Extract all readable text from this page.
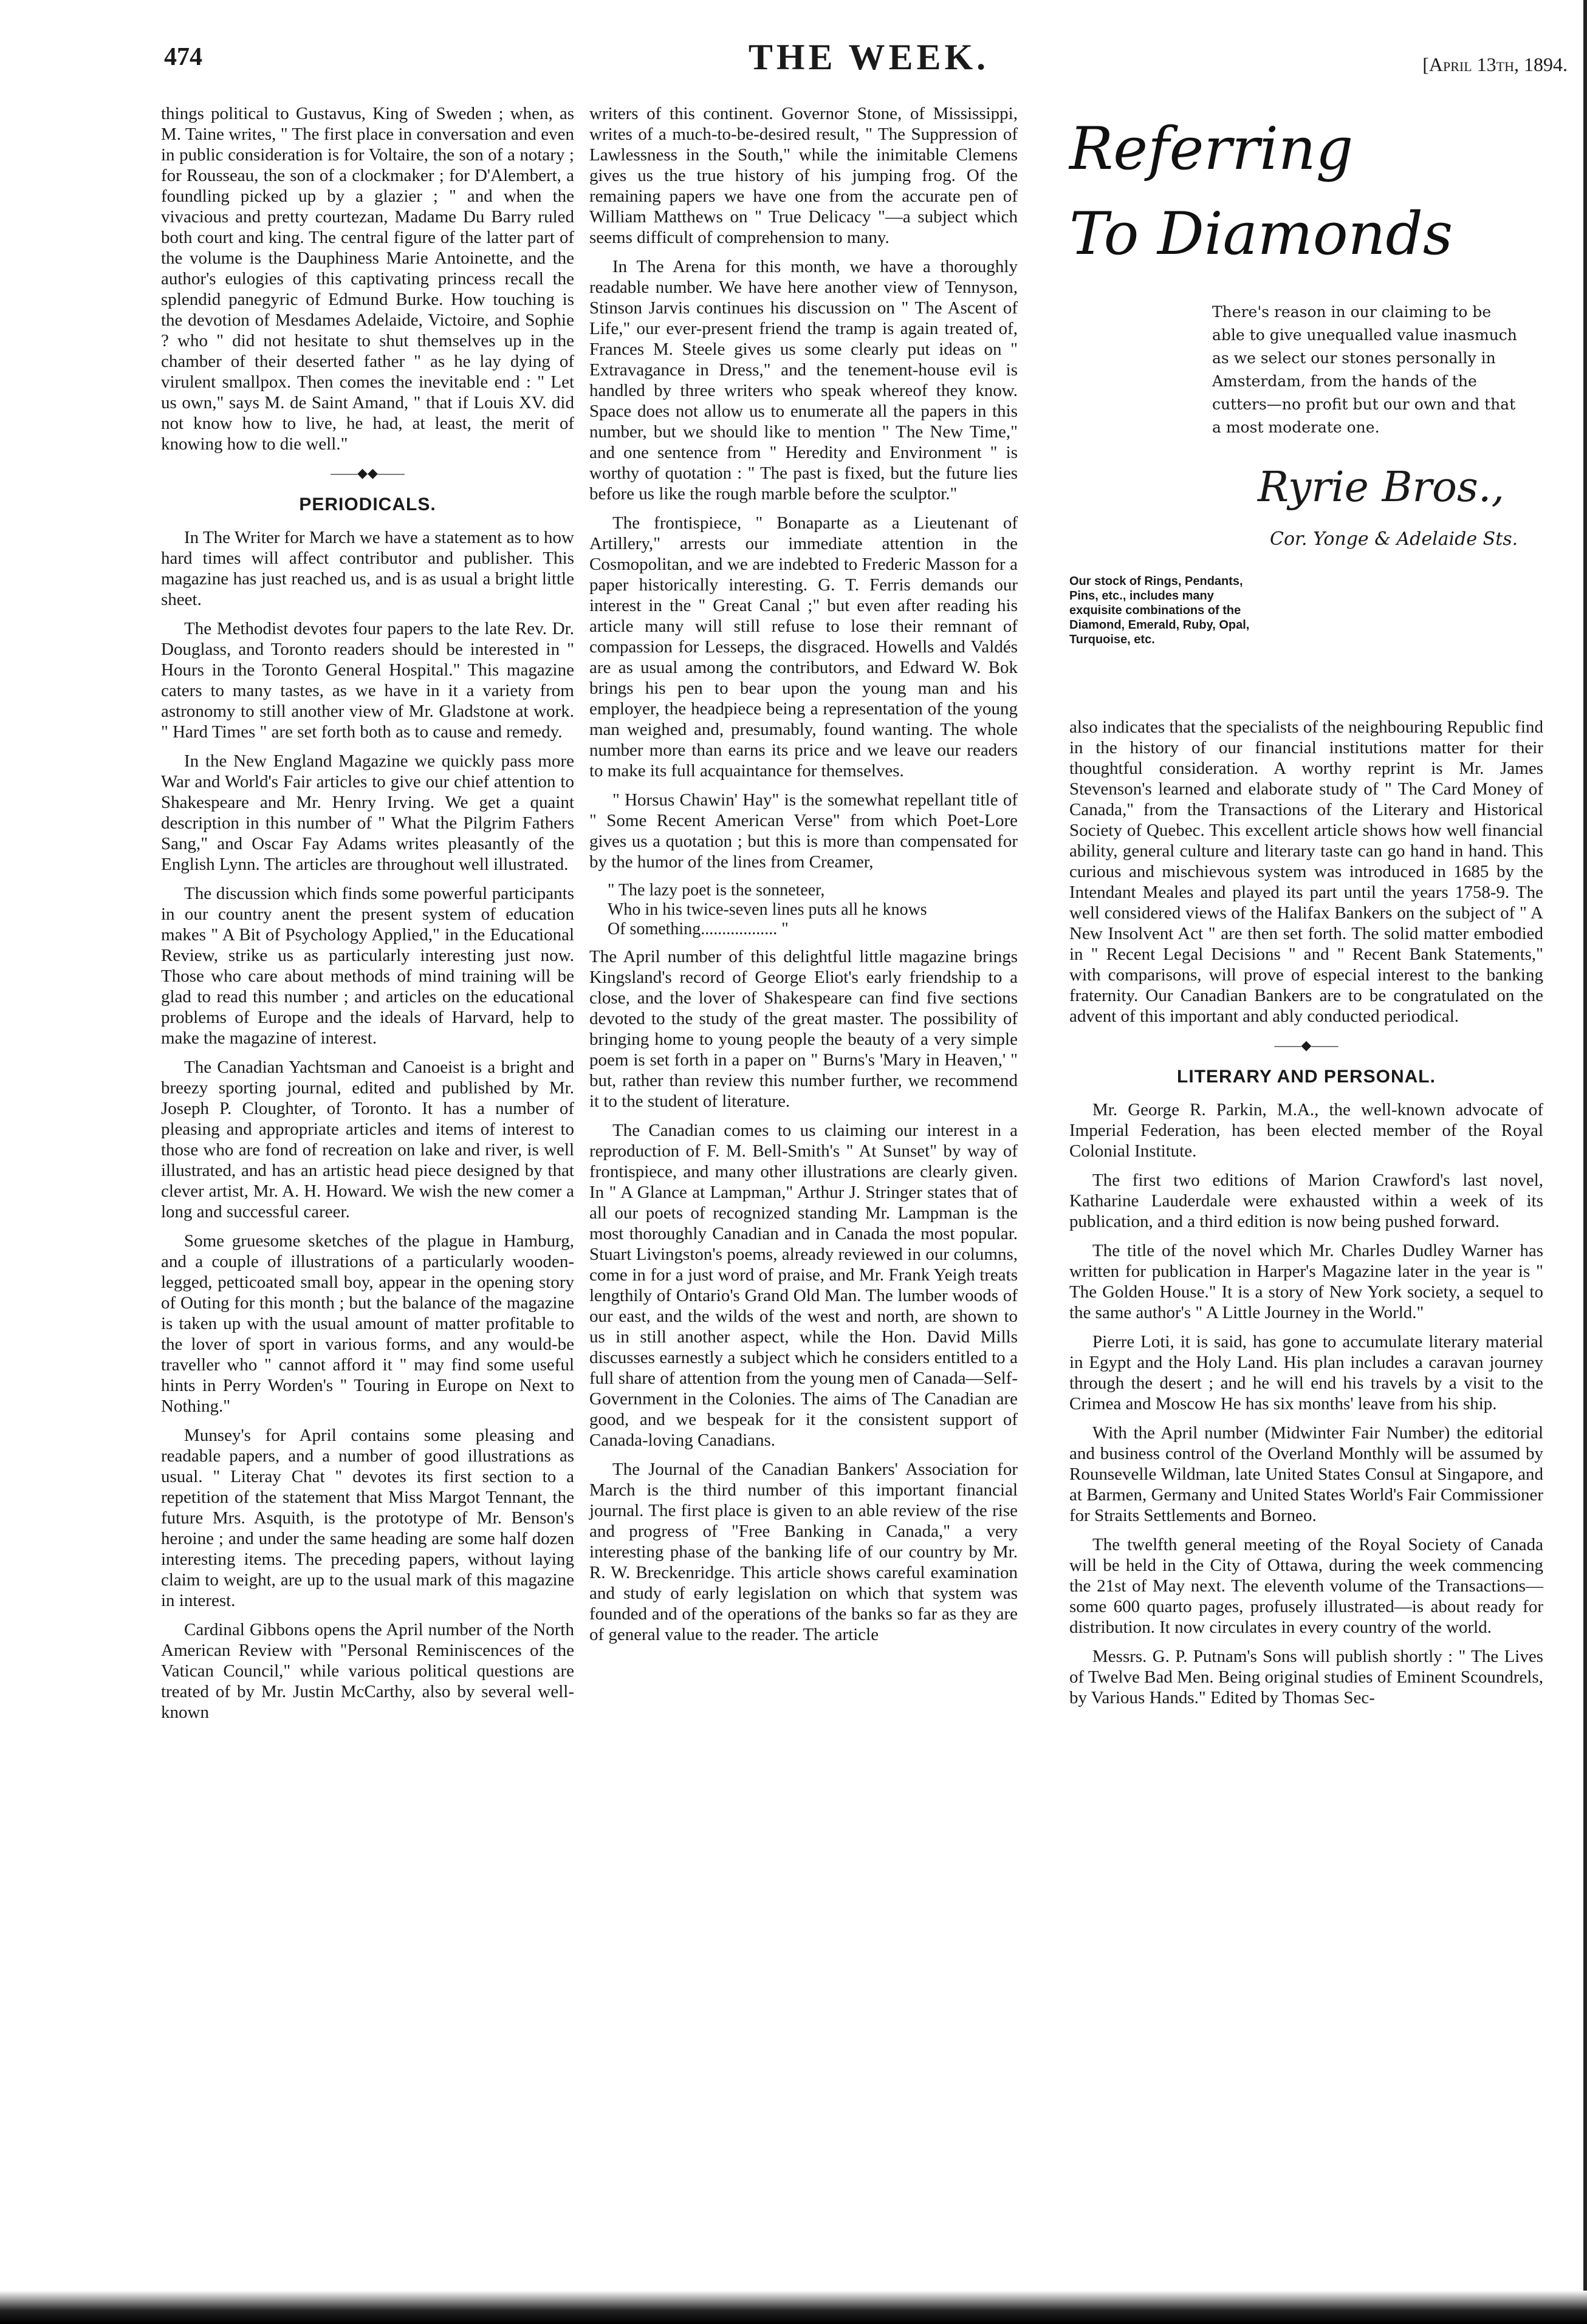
474	THE WEEK.	[April 13th, 1894.

things political to Gustavus, King of Sweden ; when, as M. Taine writes, " The first place in conversation and even in public consideration is for Voltaire, the son of a notary ; for Rousseau, the son of a clockmaker ; for D'Alembert, a foundling picked up by a glazier ; " and when the vivacious and pretty courtezan, Madame Du Barry ruled both court and king. The central figure of the latter part of the volume is the Dauphiness Marie Antoinette, and the author's eulogies of this captivating princess recall the splendid panegyric of Edmund Burke. How touching is the devotion of Mesdames Adelaide, Victoire, and Sophie ? who " did not hesitate to shut themselves up in the chamber of their deserted father " as he lay dying of virulent smallpox. Then comes the inevitable end : " Let us own," says M. de Saint Amand, " that if Louis XV. did not know how to live, he had, at least, the merit of knowing how to die well."

——◆◆——
PERIODICALS.

In The Writer for March we have a statement as to how hard times will affect contributor and publisher. This magazine has just reached us, and is as usual a bright little sheet.

The Methodist devotes four papers to the late Rev. Dr. Douglass, and Toronto readers should be interested in " Hours in the Toronto General Hospital." This magazine caters to many tastes, as we have in it a variety from astronomy to still another view of Mr. Gladstone at work. " Hard Times " are set forth both as to cause and remedy.

In the New England Magazine we quickly pass more War and World's Fair articles to give our chief attention to Shakespeare and Mr. Henry Irving. We get a quaint description in this number of " What the Pilgrim Fathers Sang," and Oscar Fay Adams writes pleasantly of the English Lynn. The articles are throughout well illustrated.

The discussion which finds some powerful participants in our country anent the present system of education makes " A Bit of Psychology Applied," in the Educational Review, strike us as particularly interesting just now. Those who care about methods of mind training will be glad to read this number ; and articles on the educational problems of Europe and the ideals of Harvard, help to make the magazine of interest.

The Canadian Yachtsman and Canoeist is a bright and breezy sporting journal, edited and published by Mr. Joseph P. Cloughter, of Toronto. It has a number of pleasing and appropriate articles and items of interest to those who are fond of recreation on lake and river, is well illustrated, and has an artistic head piece designed by that clever artist, Mr. A. H. Howard. We wish the new comer a long and successful career.

Some gruesome sketches of the plague in Hamburg, and a couple of illustrations of a particularly wooden-legged, petticoated small boy, appear in the opening story of Outing for this month ; but the balance of the magazine is taken up with the usual amount of matter profitable to the lover of sport in various forms, and any would-be traveller who " cannot afford it " may find some useful hints in Perry Worden's " Touring in Europe on Next to Nothing."

Munsey's for April contains some pleasing and readable papers, and a number of good illustrations as usual. " Literay Chat " devotes its first section to a repetition of the statement that Miss Margot Tennant, the future Mrs. Asquith, is the prototype of Mr. Benson's heroine ; and under the same heading are some half dozen interesting items. The preceding papers, without laying claim to weight, are up to the usual mark of this magazine in interest.

Cardinal Gibbons opens the April number of the North American Review with "Personal Reminiscences of the Vatican Council," while various political questions are treated of by Mr. Justin McCarthy, also by several well-known

writers of this continent. Governor Stone, of Mississippi, writes of a much-to-be-desired result, " The Suppression of Lawlessness in the South," while the inimitable Clemens gives us the true history of his jumping frog. Of the remaining papers we have one from the accurate pen of William Matthews on " True Delicacy "—a subject which seems difficult of comprehension to many.

In The Arena for this month, we have a thoroughly readable number. We have here another view of Tennyson, Stinson Jarvis continues his discussion on " The Ascent of Life," our ever-present friend the tramp is again treated of, Frances M. Steele gives us some clearly put ideas on " Extravagance in Dress," and the tenement-house evil is handled by three writers who speak whereof they know. Space does not allow us to enumerate all the papers in this number, but we should like to mention " The New Time," and one sentence from " Heredity and Environment " is worthy of quotation : " The past is fixed, but the future lies before us like the rough marble before the sculptor."

The frontispiece, " Bonaparte as a Lieutenant of Artillery," arrests our immediate attention in the Cosmopolitan, and we are indebted to Frederic Masson for a paper historically interesting. G. T. Ferris demands our interest in the " Great Canal ;" but even after reading his article many will still refuse to lose their remnant of compassion for Lesseps, the disgraced. Howells and Valdés are as usual among the contributors, and Edward W. Bok brings his pen to bear upon the young man and his employer, the headpiece being a representation of the young man weighed and, presumably, found wanting. The whole number more than earns its price and we leave our readers to make its full acquaintance for themselves.

" Horsus Chawin' Hay" is the somewhat repellant title of " Some Recent American Verse" from which Poet-Lore gives us a quotation ; but this is more than compensated for by the humor of the lines from Creamer,

" The lazy poet is the sonneteer,
Who in his twice-seven lines puts all he knows
Of something.................. "

The April number of this delightful little magazine brings Kingsland's record of George Eliot's early friendship to a close, and the lover of Shakespeare can find five sections devoted to the study of the great master. The possibility of bringing home to young people the beauty of a very simple poem is set forth in a paper on " Burns's 'Mary in Heaven,' " but, rather than review this number further, we recommend it to the student of literature.

The Canadian comes to us claiming our interest in a reproduction of F. M. Bell-Smith's " At Sunset" by way of frontispiece, and many other illustrations are clearly given. In " A Glance at Lampman," Arthur J. Stringer states that of all our poets of recognized standing Mr. Lampman is the most thoroughly Canadian and in Canada the most popular. Stuart Livingston's poems, already reviewed in our columns, come in for a just word of praise, and Mr. Frank Yeigh treats lengthily of Ontario's Grand Old Man. The lumber woods of our east, and the wilds of the west and north, are shown to us in still another aspect, while the Hon. David Mills discusses earnestly a subject which he considers entitled to a full share of attention from the young men of Canada—Self-Government in the Colonies. The aims of The Canadian are good, and we bespeak for it the consistent support of Canada-loving Canadians.

The Journal of the Canadian Bankers' Association for March is the third number of this important financial journal. The first place is given to an able review of the rise and progress of "Free Banking in Canada," a very interesting phase of the banking life of our country by Mr. R. W. Breckenridge. This article shows careful examination and study of early legislation on which that system was founded and of the operations of the banks so far as they are of general value to the reader. The article

Referring
To Diamonds
There's reason in our claiming to be able to give unequalled value inasmuch as we select our stones personally in Amsterdam, from the hands of the cutters—no profit but our own and that a most moderate one.
Ryrie Bros.,
Cor. Yonge & Adelaide Sts.
Our stock of Rings, Pendants, Pins, etc., includes many exquisite combinations of the Diamond, Emerald, Ruby, Opal, Turquoise, etc.

also indicates that the specialists of the neighbouring Republic find in the history of our financial institutions matter for their thoughtful consideration. A worthy reprint is Mr. James Stevenson's learned and elaborate study of " The Card Money of Canada," from the Transactions of the Literary and Historical Society of Quebec. This excellent article shows how well financial ability, general culture and literary taste can go hand in hand. This curious and mischievous system was introduced in 1685 by the Intendant Meales and played its part until the years 1758-9. The well considered views of the Halifax Bankers on the subject of " A New Insolvent Act " are then set forth. The solid matter embodied in " Recent Legal Decisions " and " Recent Bank Statements," with comparisons, will prove of especial interest to the banking fraternity. Our Canadian Bankers are to be congratulated on the advent of this important and ably conducted periodical.

——◆——
LITERARY AND PERSONAL.

Mr. George R. Parkin, M.A., the well-known advocate of Imperial Federation, has been elected member of the Royal Colonial Institute.

The first two editions of Marion Crawford's last novel, Katharine Lauderdale were exhausted within a week of its publication, and a third edition is now being pushed forward.

The title of the novel which Mr. Charles Dudley Warner has written for publication in Harper's Magazine later in the year is " The Golden House." It is a story of New York society, a sequel to the same author's " A Little Journey in the World."

Pierre Loti, it is said, has gone to accumulate literary material in Egypt and the Holy Land. His plan includes a caravan journey through the desert ; and he will end his travels by a visit to the Crimea and Moscow He has six months' leave from his ship.

With the April number (Midwinter Fair Number) the editorial and business control of the Overland Monthly will be assumed by Rounsevelle Wildman, late United States Consul at Singapore, and at Barmen, Germany and United States World's Fair Commissioner for Straits Settlements and Borneo.

The twelfth general meeting of the Royal Society of Canada will be held in the City of Ottawa, during the week commencing the 21st of May next. The eleventh volume of the Transactions—some 600 quarto pages, profusely illustrated—is about ready for distribution. It now circulates in every country of the world.

Messrs. G. P. Putnam's Sons will publish shortly : " The Lives of Twelve Bad Men. Being original studies of Eminent Scoundrels, by Various Hands." Edited by Thomas Sec-
